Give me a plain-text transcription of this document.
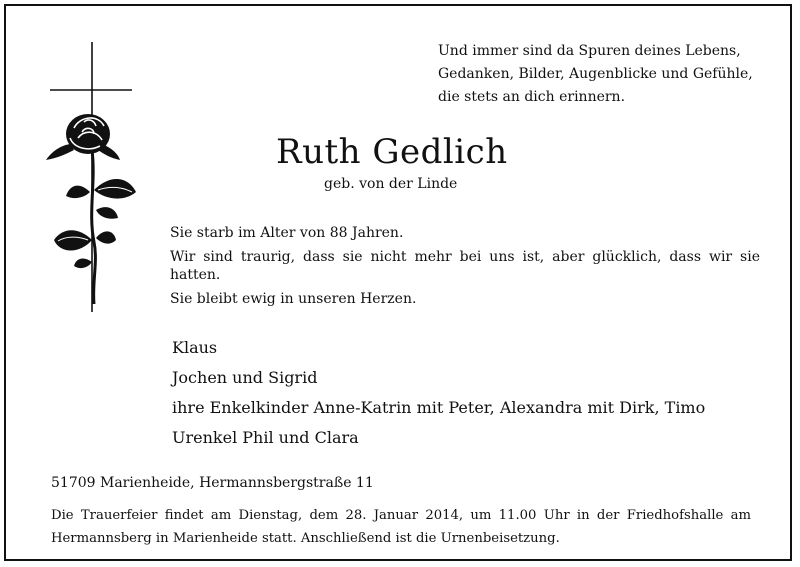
Und immer sind da Spuren deines Lebens,
Gedanken, Bilder, Augenblicke und Gefühle,
die stets an dich erinnern.
Ruth Gedlich
geb. von der Linde

Sie starb im Alter von 88 Jahren.

Wir sind traurig, dass sie nicht mehr bei uns ist, aber glücklich, dass wir sie hatten.

Sie bleibt ewig in unseren Herzen.

Klaus
Jochen und Sigrid
ihre Enkelkinder Anne-Katrin mit Peter, Alexandra mit Dirk, Timo
Urenkel Phil und Clara
51709 Marienheide, Hermannsbergstraße 11
Die Trauerfeier findet am Dienstag, dem 28. Januar 2014, um 11.00 Uhr in der Friedhofshalle am Hermannsberg in Marienheide statt. Anschließend ist die Urnenbeisetzung.
